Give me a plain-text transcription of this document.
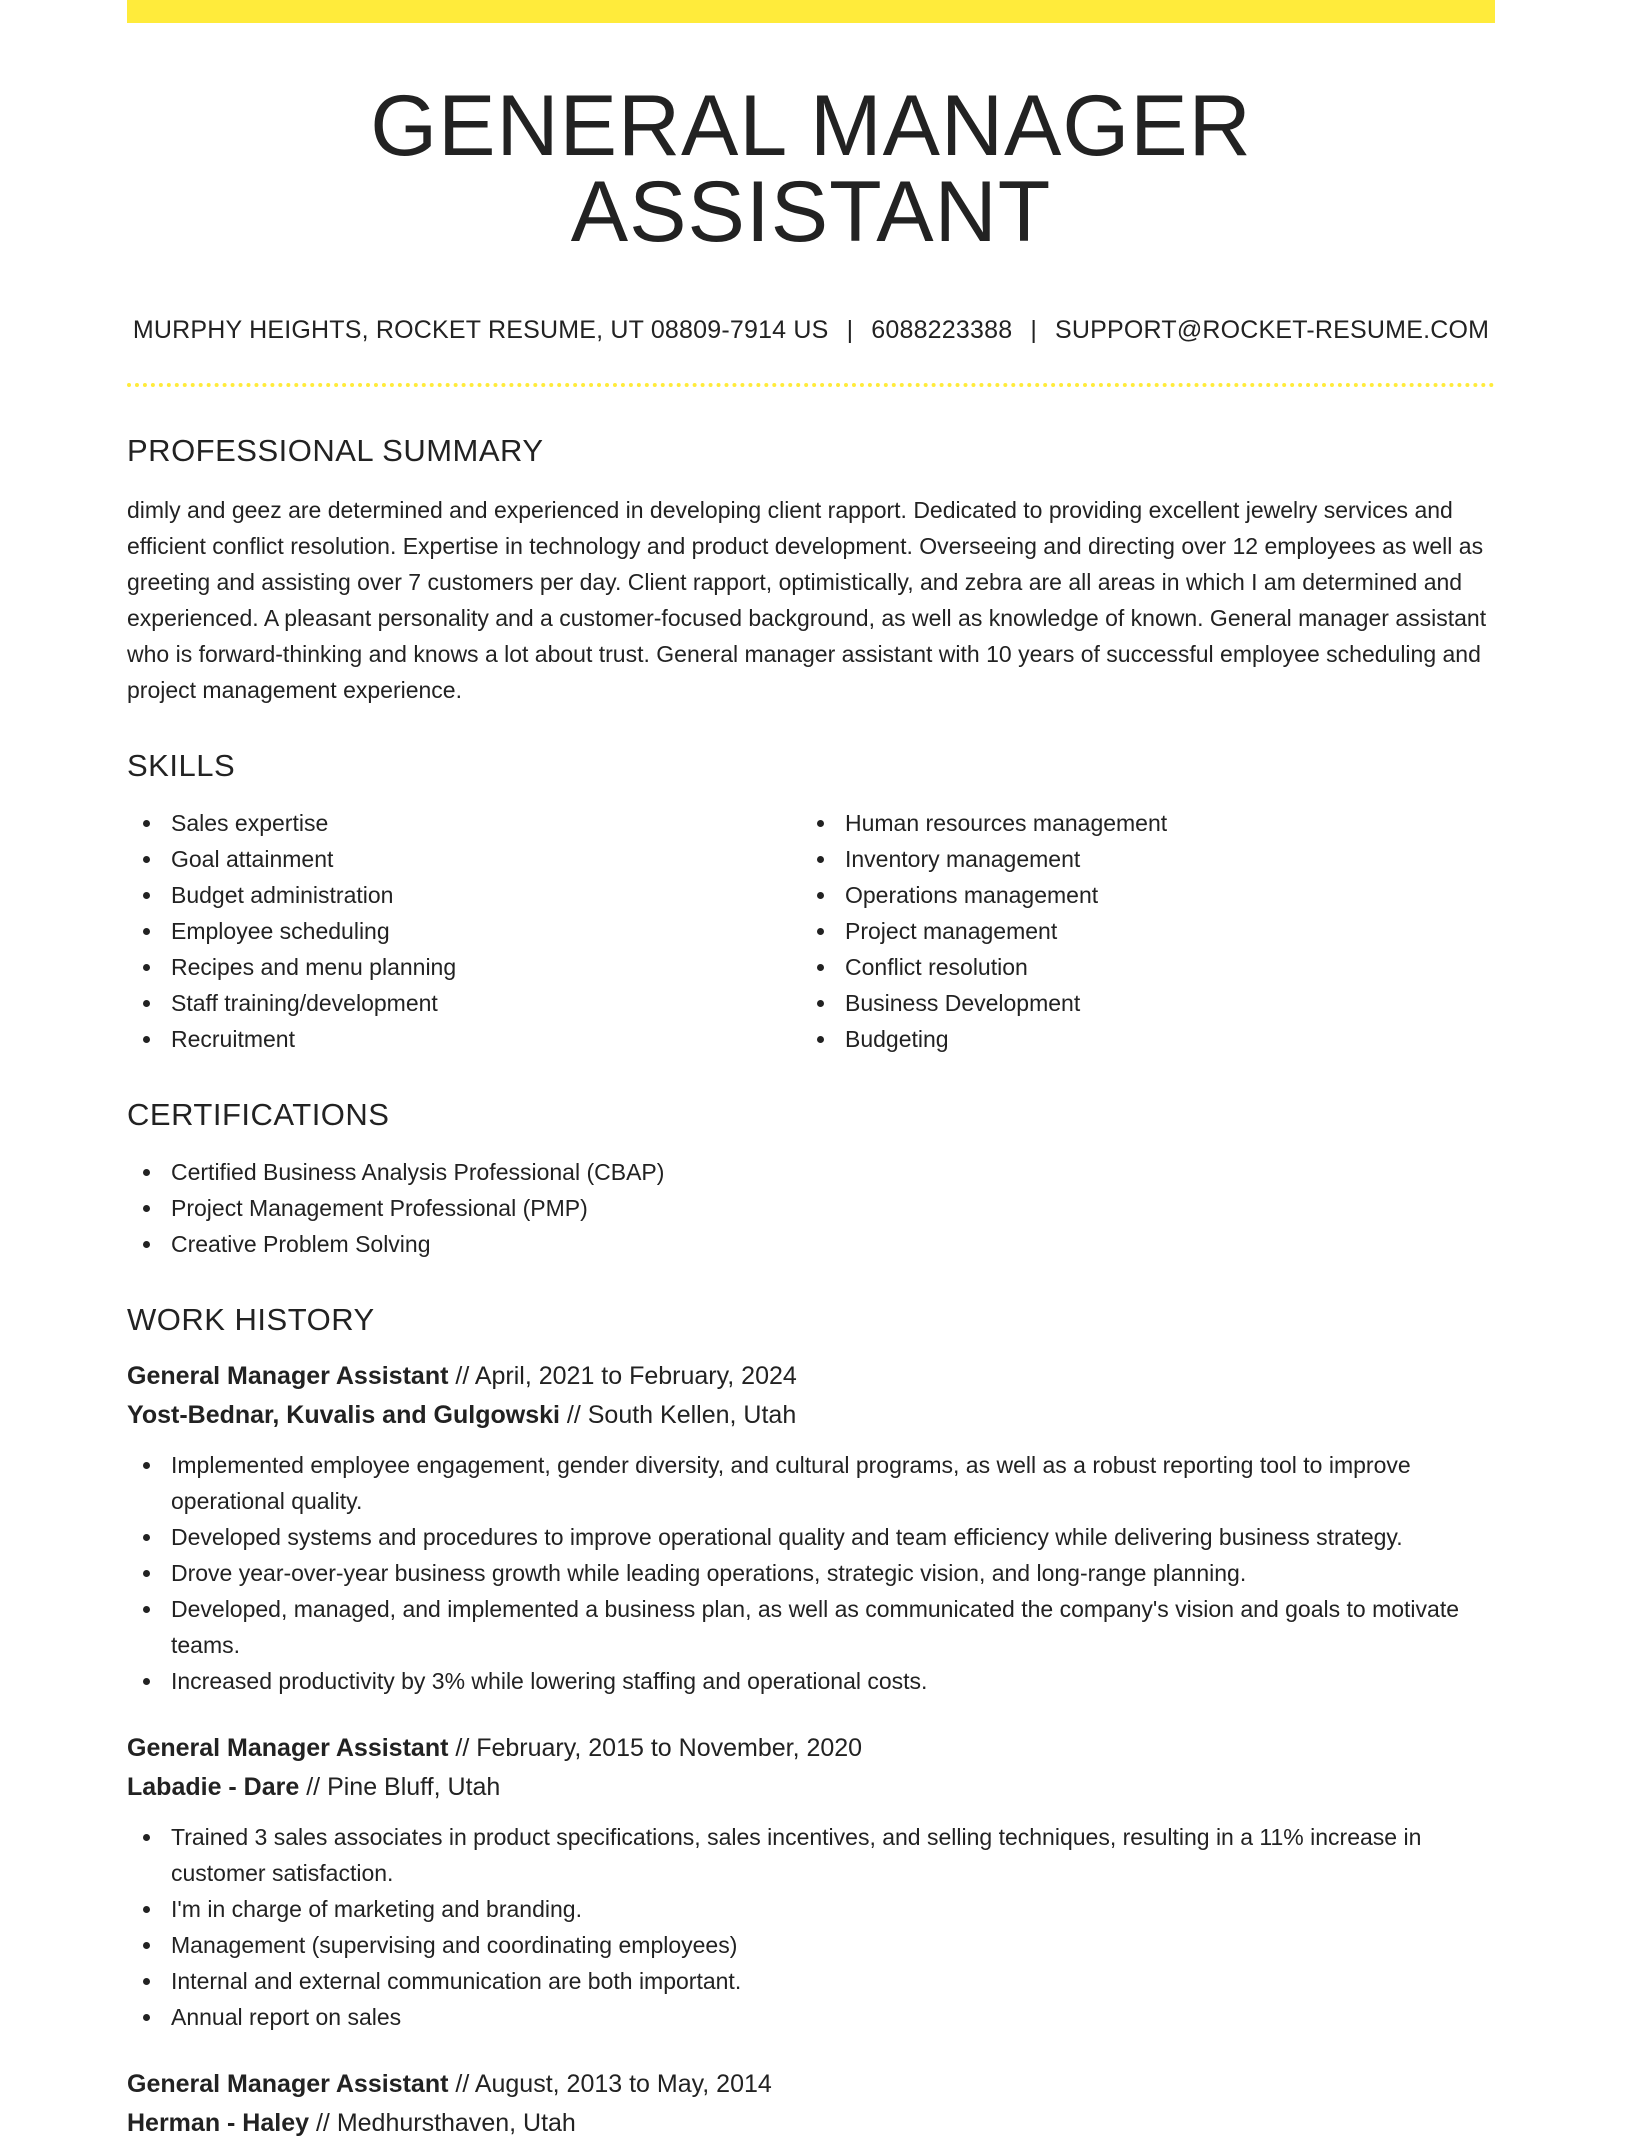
GENERAL MANAGER ASSISTANT
MURPHY HEIGHTS, ROCKET RESUME, UT 08809-7914 US | 6088223388 | SUPPORT@ROCKET-RESUME.COM
PROFESSIONAL SUMMARY

dimly and geez are determined and experienced in developing client rapport. Dedicated to providing excellent jewelry services and efficient conflict resolution. Expertise in technology and product development. Overseeing and directing over 12 employees as well as greeting and assisting over 7 customers per day. Client rapport, optimistically, and zebra are all areas in which I am determined and experienced. A pleasant personality and a customer-focused background, as well as knowledge of known. General manager assistant who is forward-thinking and knows a lot about trust. General manager assistant with 10 years of successful employee scheduling and project management experience.

SKILLS
Sales expertise
Goal attainment
Budget administration
Employee scheduling
Recipes and menu planning
Staff training/development
Recruitment
Human resources management
Inventory management
Operations management
Project management
Conflict resolution
Business Development
Budgeting
CERTIFICATIONS
Certified Business Analysis Professional (CBAP)
Project Management Professional (PMP)
Creative Problem Solving
WORK HISTORY
General Manager Assistant // April, 2021 to February, 2024
Yost-Bednar, Kuvalis and Gulgowski // South Kellen, Utah
Implemented employee engagement, gender diversity, and cultural programs, as well as a robust reporting tool to improve operational quality.
Developed systems and procedures to improve operational quality and team efficiency while delivering business strategy.
Drove year-over-year business growth while leading operations, strategic vision, and long-range planning.
Developed, managed, and implemented a business plan, as well as communicated the company's vision and goals to motivate teams.
Increased productivity by 3% while lowering staffing and operational costs.
General Manager Assistant // February, 2015 to November, 2020
Labadie - Dare // Pine Bluff, Utah
Trained 3 sales associates in product specifications, sales incentives, and selling techniques, resulting in a 11% increase in customer satisfaction.
I'm in charge of marketing and branding.
Management (supervising and coordinating employees)
Internal and external communication are both important.
Annual report on sales
General Manager Assistant // August, 2013 to May, 2014
Herman - Haley // Medhursthaven, Utah
